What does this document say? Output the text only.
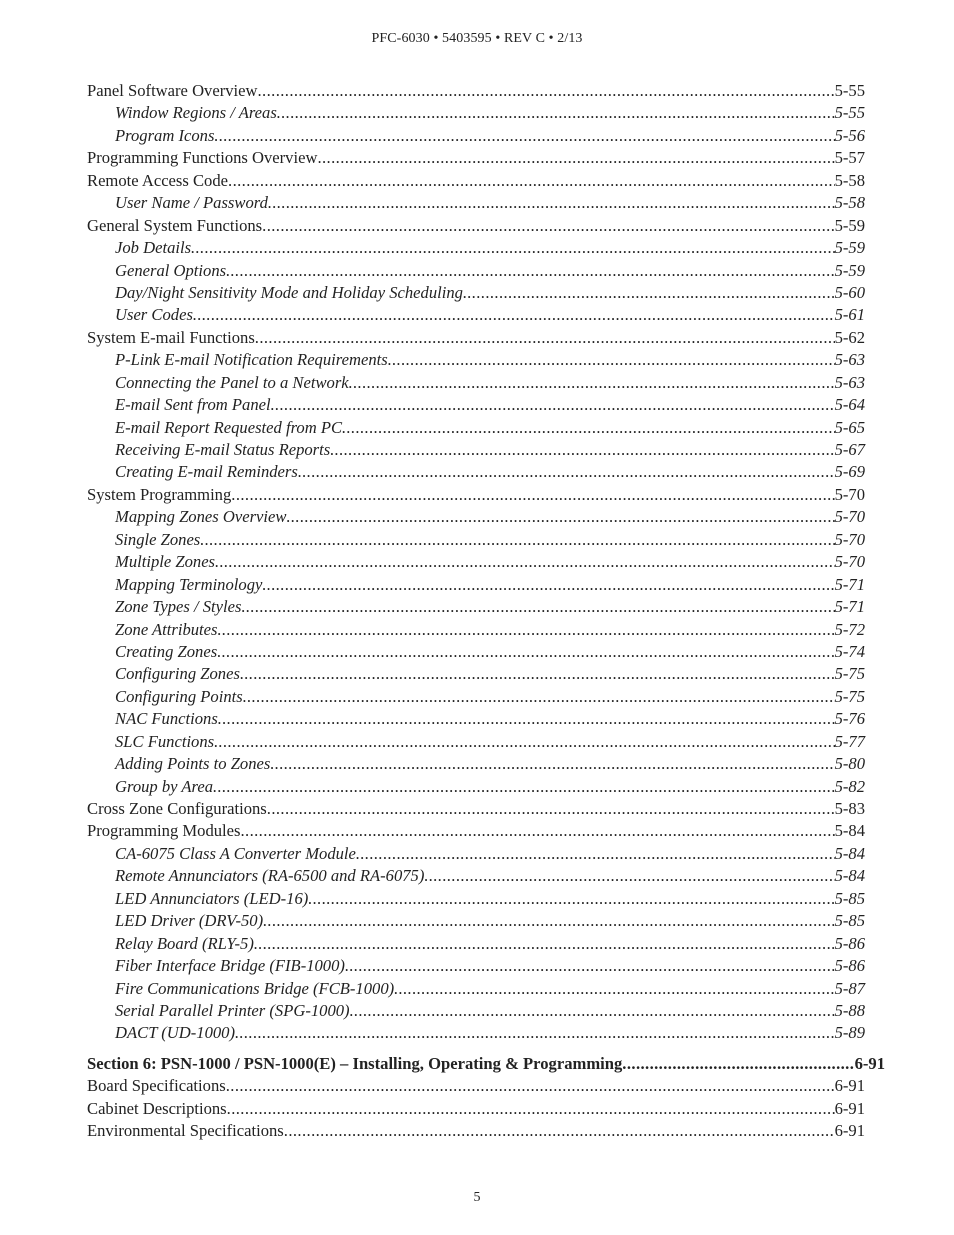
PFC-6030 • 5403595 • REV C • 2/13
Panel Software Overview .....	5-55
Window Regions / Areas .....	5-55
Program Icons .....	5-56
Programming Functions Overview .....	5-57
Remote Access Code .....	5-58
User Name / Password .....	5-58
General System Functions .....	5-59
Job Details .....	5-59
General Options .....	5-59
Day/Night Sensitivity Mode and Holiday Scheduling .....	5-60
User Codes .....	5-61
System E-mail Functions .....	5-62
P-Link E-mail Notification Requirements .....	5-63
Connecting the Panel to a Network .....	5-63
E-mail Sent from Panel .....	5-64
E-mail Report Requested from PC .....	5-65
Receiving E-mail Status Reports .....	5-67
Creating E-mail Reminders .....	5-69
System Programming .....	5-70
Mapping Zones Overview .....	5-70
Single Zones .....	5-70
Multiple Zones .....	5-70
Mapping Terminology .....	5-71
Zone Types / Styles .....	5-71
Zone Attributes .....	5-72
Creating Zones .....	5-74
Configuring Zones .....	5-75
Configuring Points .....	5-75
NAC Functions .....	5-76
SLC Functions .....	5-77
Adding Points to Zones .....	5-80
Group by Area .....	5-82
Cross Zone Configurations .....	5-83
Programming Modules .....	5-84
CA-6075 Class A Converter Module .....	5-84
Remote Annunciators (RA-6500 and RA-6075) .....	5-84
LED Annunciators (LED-16) .....	5-85
LED Driver (DRV-50) .....	5-85
Relay Board (RLY-5) .....	5-86
Fiber Interface Bridge (FIB-1000) .....	5-86
Fire Communications Bridge (FCB-1000) .....	5-87
Serial Parallel Printer (SPG-1000) .....	5-88
DACT (UD-1000) .....	5-89
Section 6: PSN-1000 / PSN-1000(E) – Installing, Operating & Programming .....	6-91
Board Specifications .....	6-91
Cabinet Descriptions .....	6-91
Environmental Specifications .....	6-91
5
